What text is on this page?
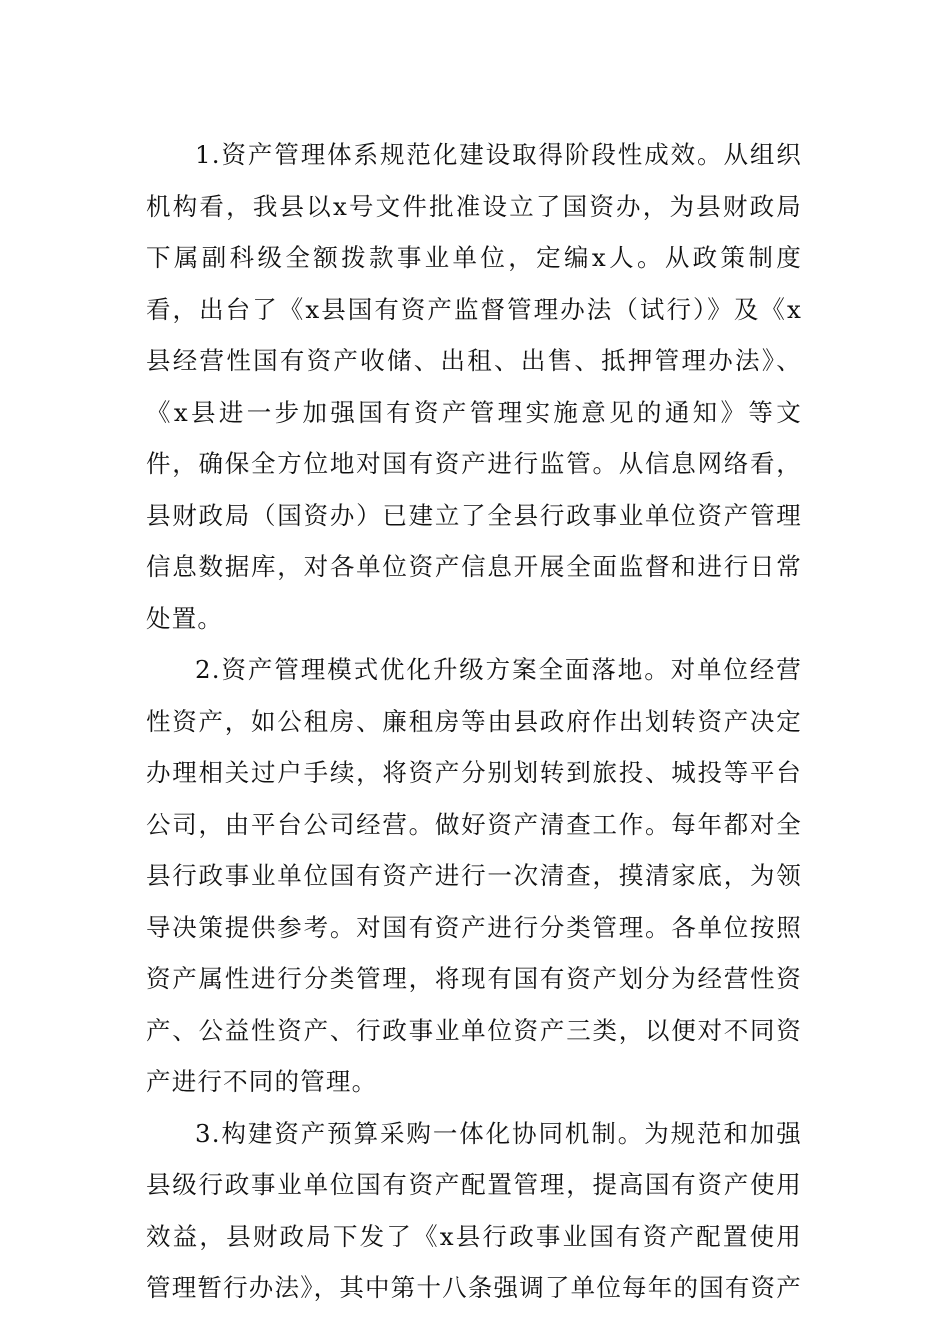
1.资产管理体系规范化建设取得阶段性成效。从组织机构看，我县以x号文件批准设立了国资办，为县财政局下属副科级全额拨款事业单位，定编x人。从政策制度看，出台了《x县国有资产监督管理办法（试行）》及《x县经营性国有资产收储、出租、出售、抵押管理办法》、《x县进一步加强国有资产管理实施意见的通知》等文件，确保全方位地对国有资产进行监管。从信息网络看，县财政局（国资办）已建立了全县行政事业单位资产管理信息数据库，对各单位资产信息开展全面监督和进行日常处置。

2.资产管理模式优化升级方案全面落地。对单位经营性资产，如公租房、廉租房等由县政府作出划转资产决定办理相关过户手续，将资产分别划转到旅投、城投等平台公司，由平台公司经营。做好资产清查工作。每年都对全县行政事业单位国有资产进行一次清查，摸清家底，为领导决策提供参考。对国有资产进行分类管理。各单位按照资产属性进行分类管理，将现有国有资产划分为经营性资产、公益性资产、行政事业单位资产三类，以便对不同资产进行不同的管理。

3.构建资产预算采购一体化协同机制。为规范和加强县级行政事业单位国有资产配置管理，提高国有资产使用效益，县财政局下发了《x县行政事业国有资产配置使用管理暂行办法》，其中第十八条强调了单位每年的国有资产
